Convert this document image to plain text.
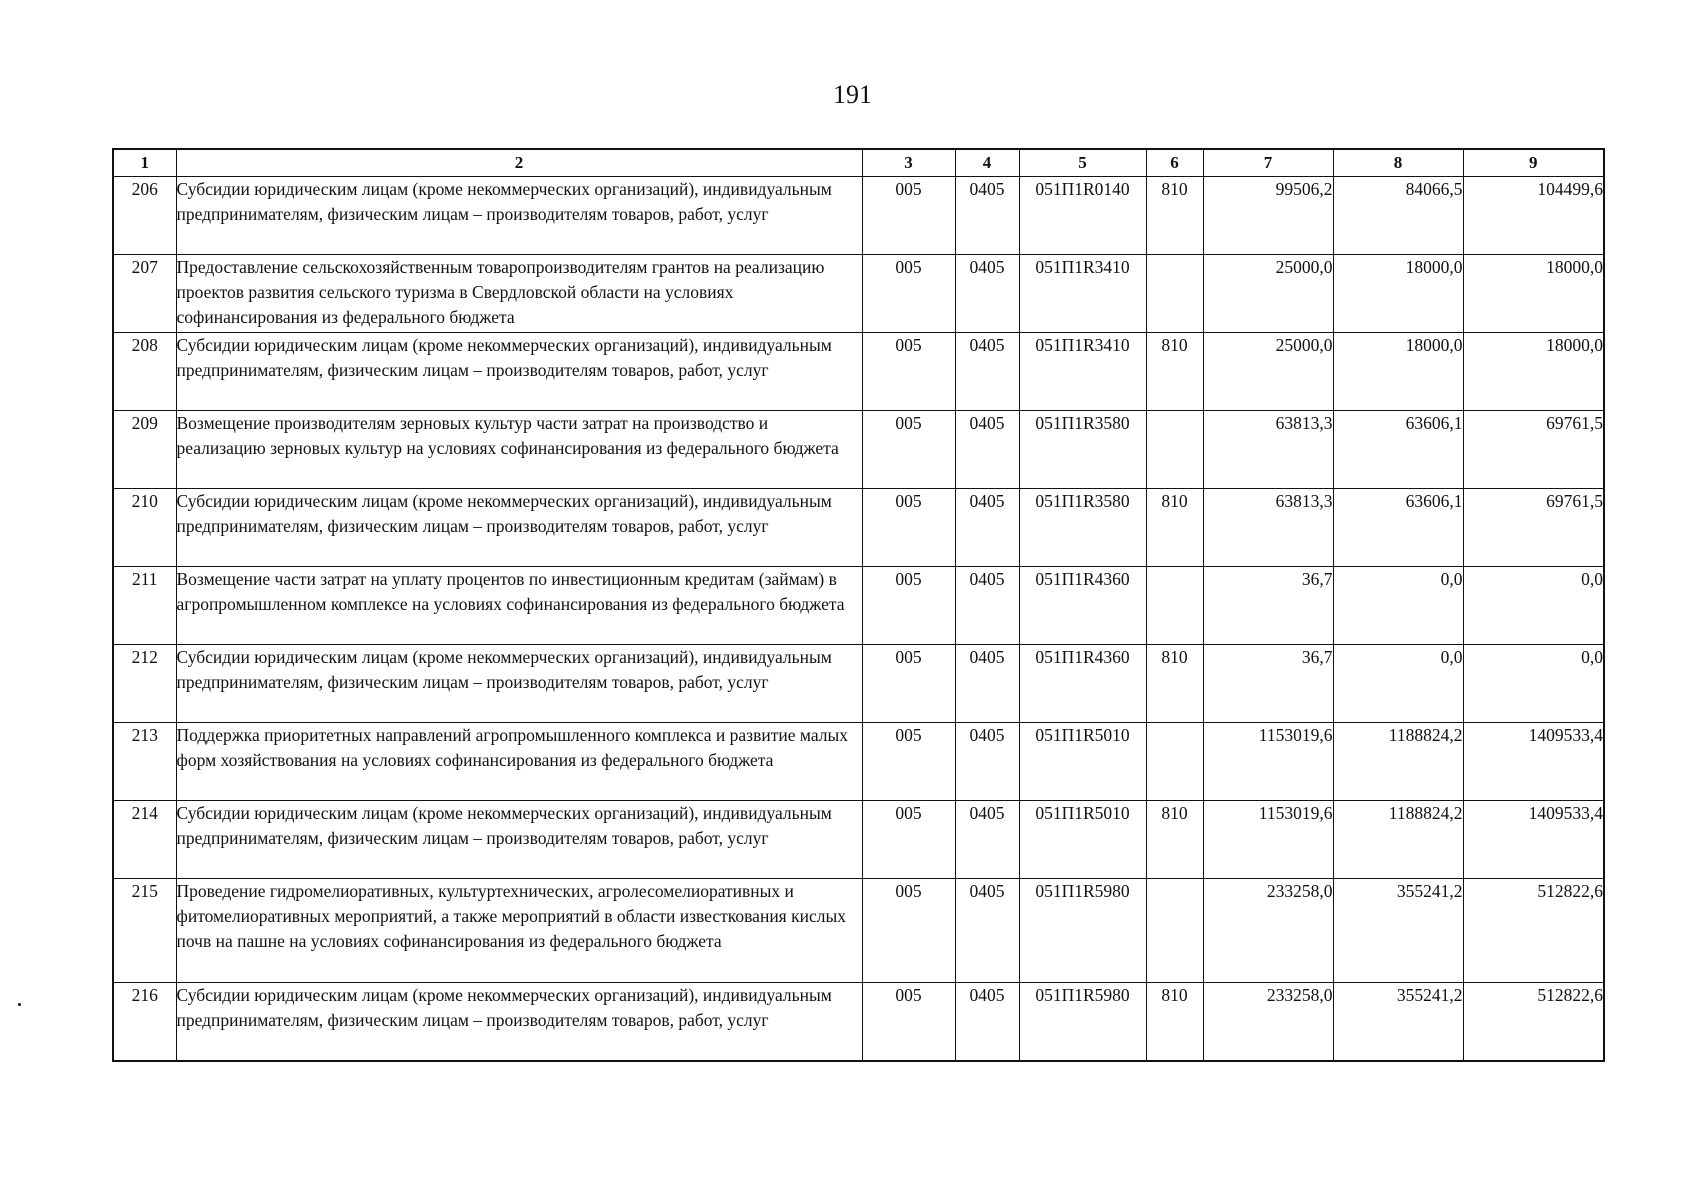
191
1	2	3	4	5	6	7	8	9
206	Субсидии юридическим лицам (кроме некоммерческих организаций), индивидуальным предпринимателям, физическим лицам – производителям товаров, работ, услуг	005	0405	051П1R0140	810	99506,2	84066,5	104499,6
207	Предоставление сельскохозяйственным товаропроизводителям грантов на реализацию проектов развития сельского туризма в Свердловской области на условиях софинансирования из федерального бюджета	005	0405	051П1R3410		25000,0	18000,0	18000,0
208	Субсидии юридическим лицам (кроме некоммерческих организаций), индивидуальным предпринимателям, физическим лицам – производителям товаров, работ, услуг	005	0405	051П1R3410	810	25000,0	18000,0	18000,0
209	Возмещение производителям зерновых культур части затрат на производство и реализацию зерновых культур на условиях софинансирования из федерального бюджета	005	0405	051П1R3580		63813,3	63606,1	69761,5
210	Субсидии юридическим лицам (кроме некоммерческих организаций), индивидуальным предпринимателям, физическим лицам – производителям товаров, работ, услуг	005	0405	051П1R3580	810	63813,3	63606,1	69761,5
211	Возмещение части затрат на уплату процентов по инвестиционным кредитам (займам) в агропромышленном комплексе на условиях софинансирования из федерального бюджета	005	0405	051П1R4360		36,7	0,0	0,0
212	Субсидии юридическим лицам (кроме некоммерческих организаций), индивидуальным предпринимателям, физическим лицам – производителям товаров, работ, услуг	005	0405	051П1R4360	810	36,7	0,0	0,0
213	Поддержка приоритетных направлений агропромышленного комплекса и развитие малых форм хозяйствования на условиях софинансирования из федерального бюджета	005	0405	051П1R5010		1153019,6	1188824,2	1409533,4
214	Субсидии юридическим лицам (кроме некоммерческих организаций), индивидуальным предпринимателям, физическим лицам – производителям товаров, работ, услуг	005	0405	051П1R5010	810	1153019,6	1188824,2	1409533,4
215	Проведение гидромелиоративных, культуртехнических, агролесомелиоративных и фитомелиоративных мероприятий, а также мероприятий в области известкования кислых почв на пашне на условиях софинансирования из федерального бюджета	005	0405	051П1R5980		233258,0	355241,2	512822,6
216	Субсидии юридическим лицам (кроме некоммерческих организаций), индивидуальным предпринимателям, физическим лицам – производителям товаров, работ, услуг	005	0405	051П1R5980	810	233258,0	355241,2	512822,6
